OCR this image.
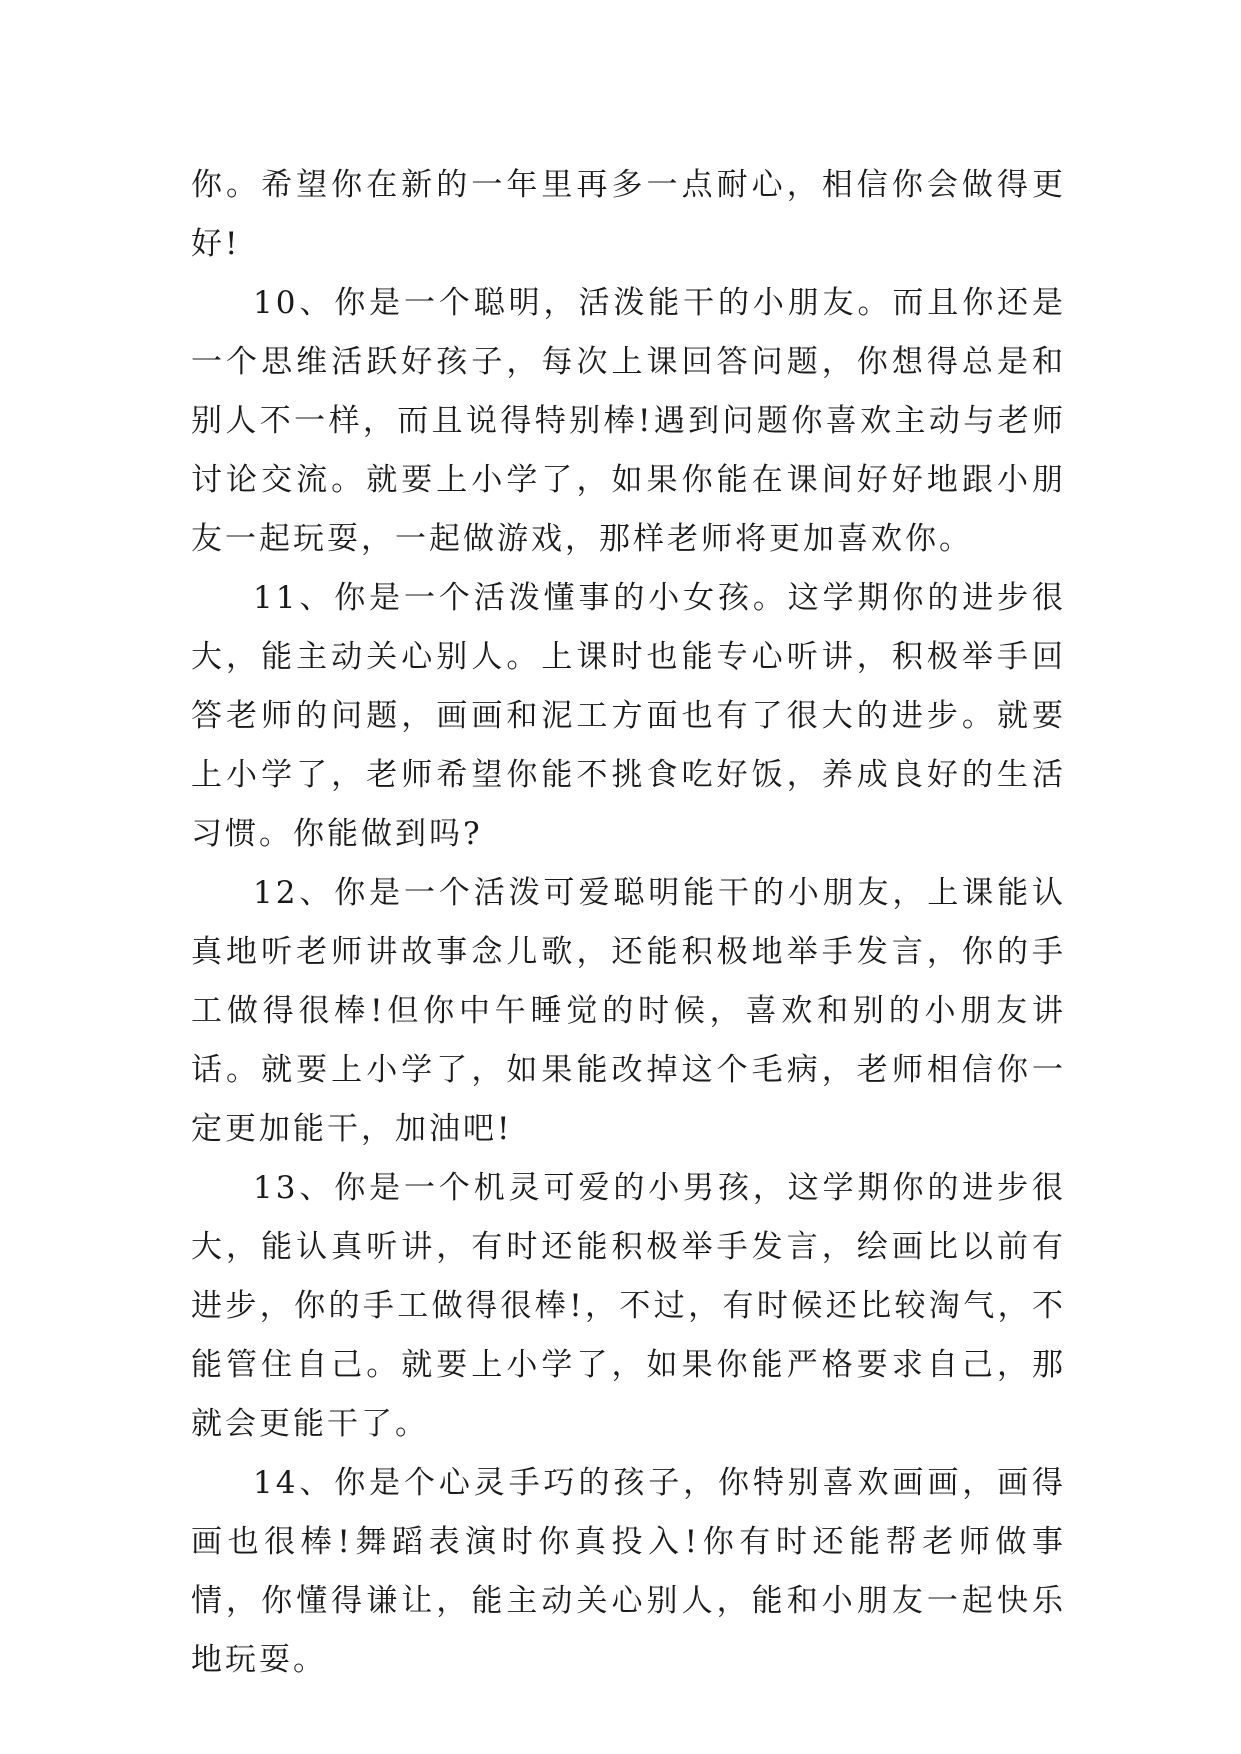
你。希望你在新的一年里再多一点耐心，相信你会做得更好!

10、你是一个聪明，活泼能干的小朋友。而且你还是一个思维活跃好孩子，每次上课回答问题，你想得总是和别人不一样，而且说得特别棒!遇到问题你喜欢主动与老师讨论交流。就要上小学了，如果你能在课间好好地跟小朋友一起玩耍，一起做游戏，那样老师将更加喜欢你。

11、你是一个活泼懂事的小女孩。这学期你的进步很大，能主动关心别人。上课时也能专心听讲，积极举手回答老师的问题，画画和泥工方面也有了很大的进步。就要上小学了，老师希望你能不挑食吃好饭，养成良好的生活习惯。你能做到吗?

12、你是一个活泼可爱聪明能干的小朋友，上课能认真地听老师讲故事念儿歌，还能积极地举手发言，你的手工做得很棒!但你中午睡觉的时候，喜欢和别的小朋友讲话。就要上小学了，如果能改掉这个毛病，老师相信你一定更加能干，加油吧!

13、你是一个机灵可爱的小男孩，这学期你的进步很大，能认真听讲，有时还能积极举手发言，绘画比以前有进步，你的手工做得很棒!，不过，有时候还比较淘气，不能管住自己。就要上小学了，如果你能严格要求自己，那就会更能干了。

14、你是个心灵手巧的孩子，你特别喜欢画画，画得画也很棒!舞蹈表演时你真投入!你有时还能帮老师做事情，你懂得谦让，能主动关心别人，能和小朋友一起快乐地玩耍。
